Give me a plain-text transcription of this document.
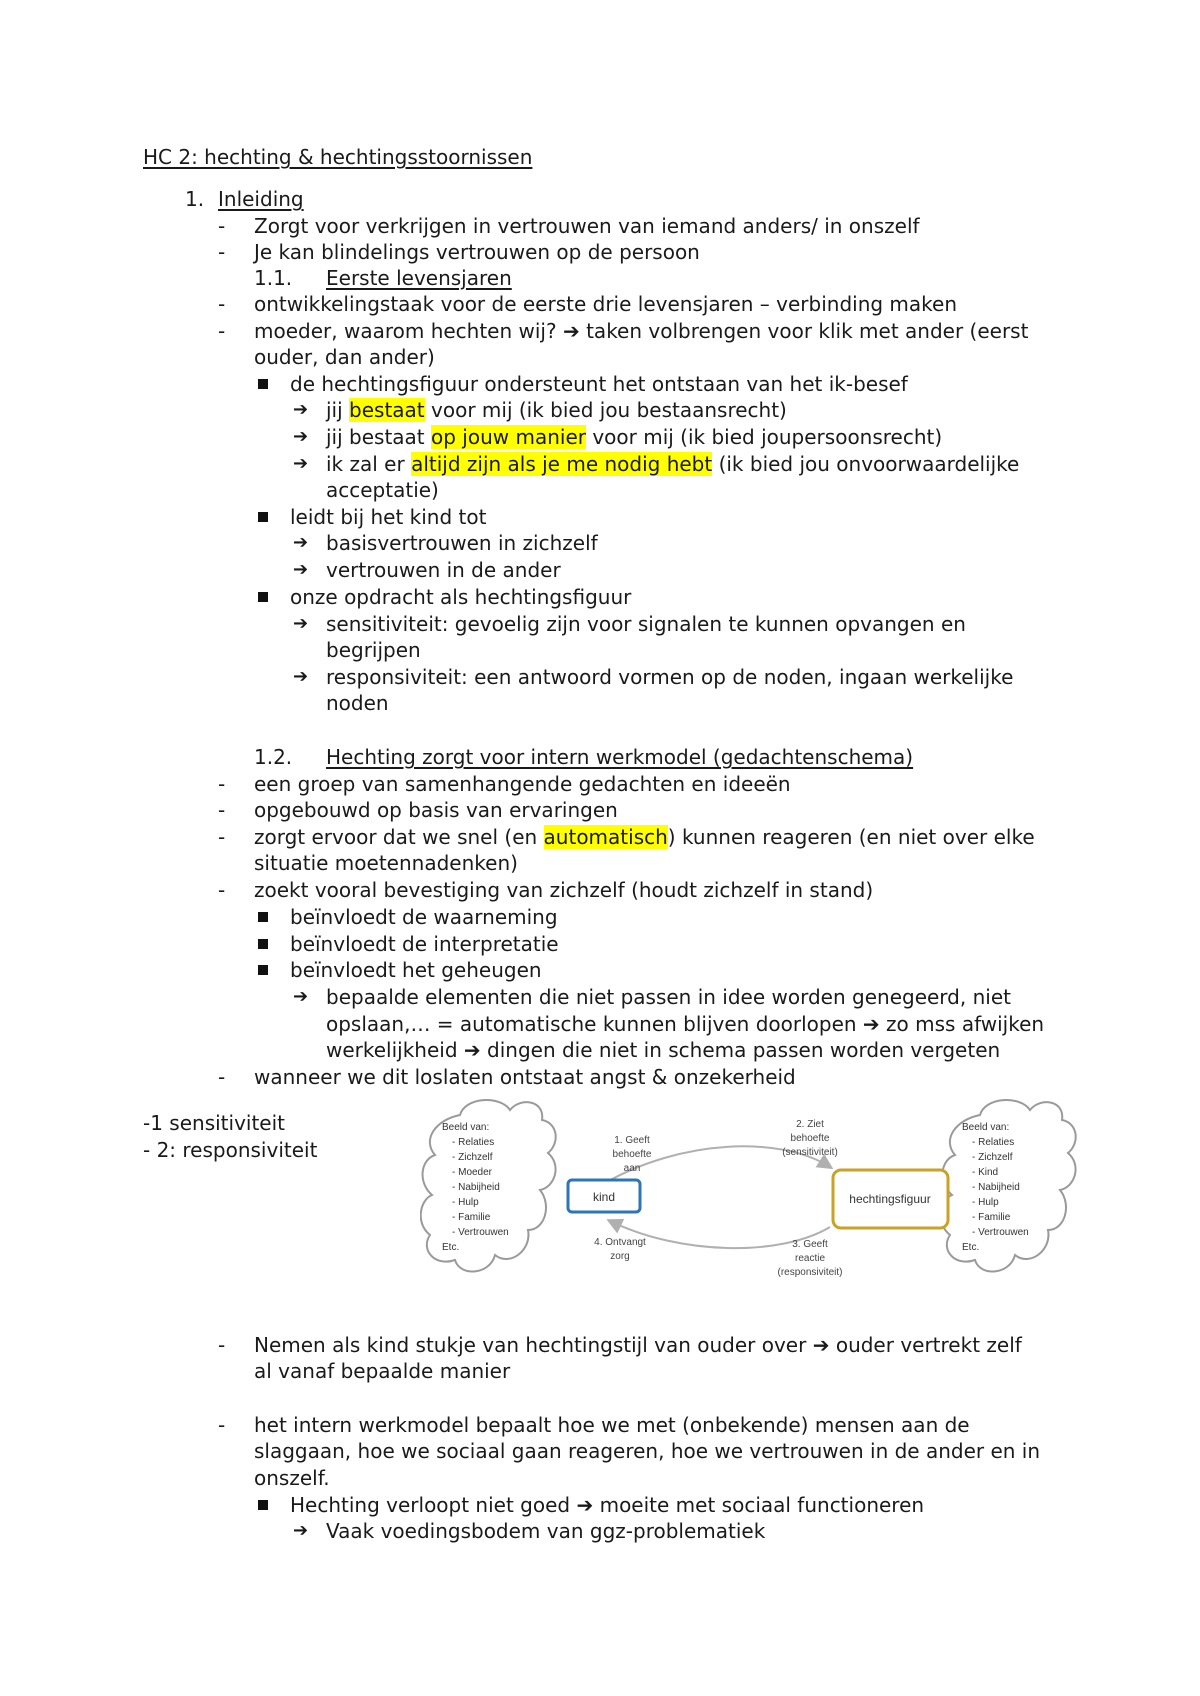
HC 2: hechting & hechtingsstoornissen
1. Inleiding
-	Zorgt voor verkrijgen in vertrouwen van iemand anders/ in onszelf
-	Je kan blindelings vertrouwen op de persoon
1.1. Eerste levensjaren
-	ontwikkelingstaak voor de eerste drie levensjaren – verbinding maken
-	moeder, waarom hechten wij? ➔ taken volbrengen voor klik met ander (eerst
ouder, dan ander)
de hechtingsfiguur ondersteunt het ontstaan van het ik-besef
➔ jij bestaat voor mij (ik bied jou bestaansrecht)
➔ jij bestaat op jouw manier voor mij (ik bied joupersoonsrecht)
➔ ik zal er altijd zijn als je me nodig hebt (ik bied jou onvoorwaardelijke
acceptatie)
leidt bij het kind tot
➔ basisvertrouwen in zichzelf
➔ vertrouwen in de ander
onze opdracht als hechtingsfiguur
➔ sensitiviteit: gevoelig zijn voor signalen te kunnen opvangen en
begrijpen
➔ responsiviteit: een antwoord vormen op de noden, ingaan werkelijke
noden
1.2. Hechting zorgt voor intern werkmodel (gedachtenschema)
-	een groep van samenhangende gedachten en ideeën
-	opgebouwd op basis van ervaringen
-	zorgt ervoor dat we snel (en automatisch) kunnen reageren (en niet over elke
situatie moetennadenken)
-	zoekt vooral bevestiging van zichzelf (houdt zichzelf in stand)
beïnvloedt de waarneming
beïnvloedt de interpretatie
beïnvloedt het geheugen
➔ bepaalde elementen die niet passen in idee worden genegeerd, niet
opslaan,… = automatische kunnen blijven doorlopen ➔ zo mss afwijken
werkelijkheid ➔ dingen die niet in schema passen worden vergeten
-	wanneer we dit loslaten ontstaat angst & onzekerheid
-1 sensitiviteit
- 2: responsiviteit
Beeld van:
- Relaties
- Zichzelf
- Moeder
- Nabijheid
- Hulp
- Familie
- Vertrouwen
Etc.
Beeld van:
- Relaties
- Zichzelf
- Kind
- Nabijheid
- Hulp
- Familie
- Vertrouwen
Etc.
kind	hechtingsfiguur
1. Geeft
behoefte
aan
2. Ziet
behoefte
(sensitiviteit)
4. Ontvangt
zorg
3. Geeft
reactie
(responsiviteit)
-	Nemen als kind stukje van hechtingstijl van ouder over ➔ ouder vertrekt zelf
al vanaf bepaalde manier
-	het intern werkmodel bepaalt hoe we met (onbekende) mensen aan de
slaggaan, hoe we sociaal gaan reageren, hoe we vertrouwen in de ander en in
onszelf.
Hechting verloopt niet goed ➔ moeite met sociaal functioneren
➔ Vaak voedingsbodem van ggz-problematiek
